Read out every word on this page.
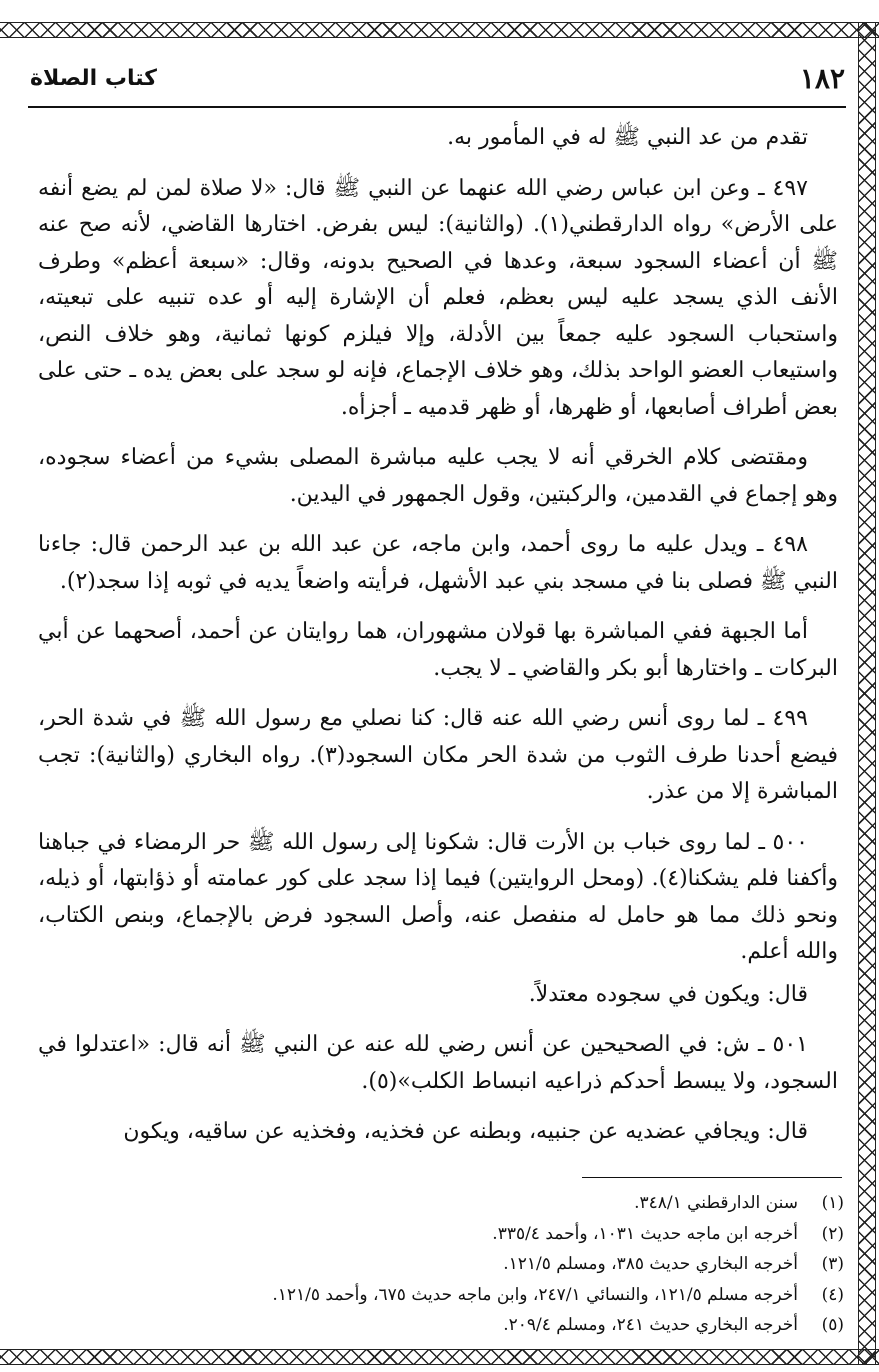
١٨٢
كتاب الصلاة

تقدم من عد النبي ﷺ له في المأمور به.

٤٩٧ ـ وعن ابن عباس رضي الله عنهما عن النبي ﷺ قال: «لا صلاة لمن لم يضع أنفه على الأرض» رواه الدارقطني(١). (والثانية): ليس بفرض. اختارها القاضي، لأنه صح عنه ﷺ أن أعضاء السجود سبعة، وعدها في الصحيح بدونه، وقال: «سبعة أعظم» وطرف الأنف الذي يسجد عليه ليس بعظم، فعلم أن الإشارة إليه أو عده تنبيه على تبعيته، واستحباب السجود عليه جمعاً بين الأدلة، وإلا فيلزم كونها ثمانية، وهو خلاف النص، واستيعاب العضو الواحد بذلك، وهو خلاف الإجماع، فإنه لو سجد على بعض يده ـ حتى على بعض أطراف أصابعها، أو ظهرها، أو ظهر قدميه ـ أجزأه.

ومقتضى كلام الخرقي أنه لا يجب عليه مباشرة المصلى بشيء من أعضاء سجوده، وهو إجماع في القدمين، والركبتين، وقول الجمهور في اليدين.

٤٩٨ ـ ويدل عليه ما روى أحمد، وابن ماجه، عن عبد الله بن عبد الرحمن قال: جاءنا النبي ﷺ فصلى بنا في مسجد بني عبد الأشهل، فرأيته واضعاً يديه في ثوبه إذا سجد(٢).

أما الجبهة ففي المباشرة بها قولان مشهوران، هما روايتان عن أحمد، أصحهما عن أبي البركات ـ واختارها أبو بكر والقاضي ـ لا يجب.

٤٩٩ ـ لما روى أنس رضي الله عنه قال: كنا نصلي مع رسول الله ﷺ في شدة الحر، فيضع أحدنا طرف الثوب من شدة الحر مكان السجود(٣). رواه البخاري (والثانية): تجب المباشرة إلا من عذر.

٥٠٠ ـ لما روى خباب بن الأرت قال: شكونا إلى رسول الله ﷺ حر الرمضاء في جباهنا وأكفنا فلم يشكنا(٤). (ومحل الروايتين) فيما إذا سجد على كور عمامته أو ذؤابتها، أو ذيله، ونحو ذلك مما هو حامل له منفصل عنه، وأصل السجود فرض بالإجماع، وبنص الكتاب، والله أعلم.

قال: ويكون في سجوده معتدلاً.

٥٠١ ـ ش: في الصحيحين عن أنس رضي لله عنه عن النبي ﷺ أنه قال: «اعتدلوا في السجود، ولا يبسط أحدكم ذراعيه انبساط الكلب»(٥).

قال: ويجافي عضديه عن جنبيه، وبطنه عن فخذيه، وفخذيه عن ساقيه، ويكون

(١)
سنن الدارقطني ٣٤٨/١.
(٢)
أخرجه ابن ماجه حديث ١٠٣١، وأحمد ٣٣٥/٤.
(٣)
أخرجه البخاري حديث ٣٨٥، ومسلم ١٢١/٥.
(٤)
أخرجه مسلم ١٢١/٥، والنسائي ٢٤٧/١، وابن ماجه حديث ٦٧٥، وأحمد ١٢١/٥.
(٥)
أخرجه البخاري حديث ٢٤١، ومسلم ٢٠٩/٤.
